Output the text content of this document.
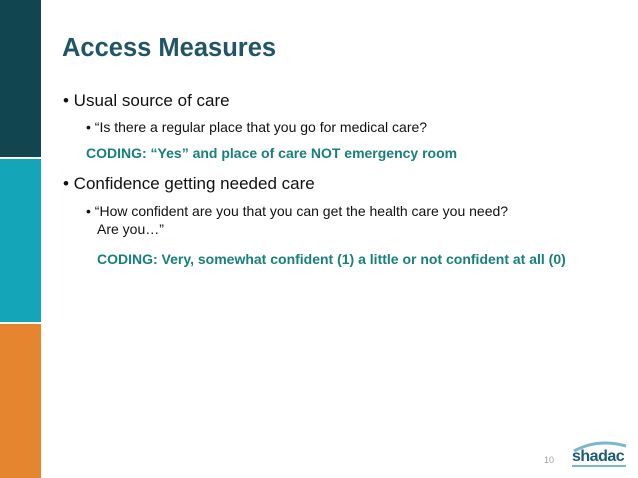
Access Measures
• Usual source of care
• “Is there a regular place that you go for medical care?
CODING: “Yes” and place of care NOT emergency room
• Confidence getting needed care
• “How confident are you that you can get the health care you need?
Are you…”
CODING: Very, somewhat confident (1) a little or not confident at all (0)
10 shadac
